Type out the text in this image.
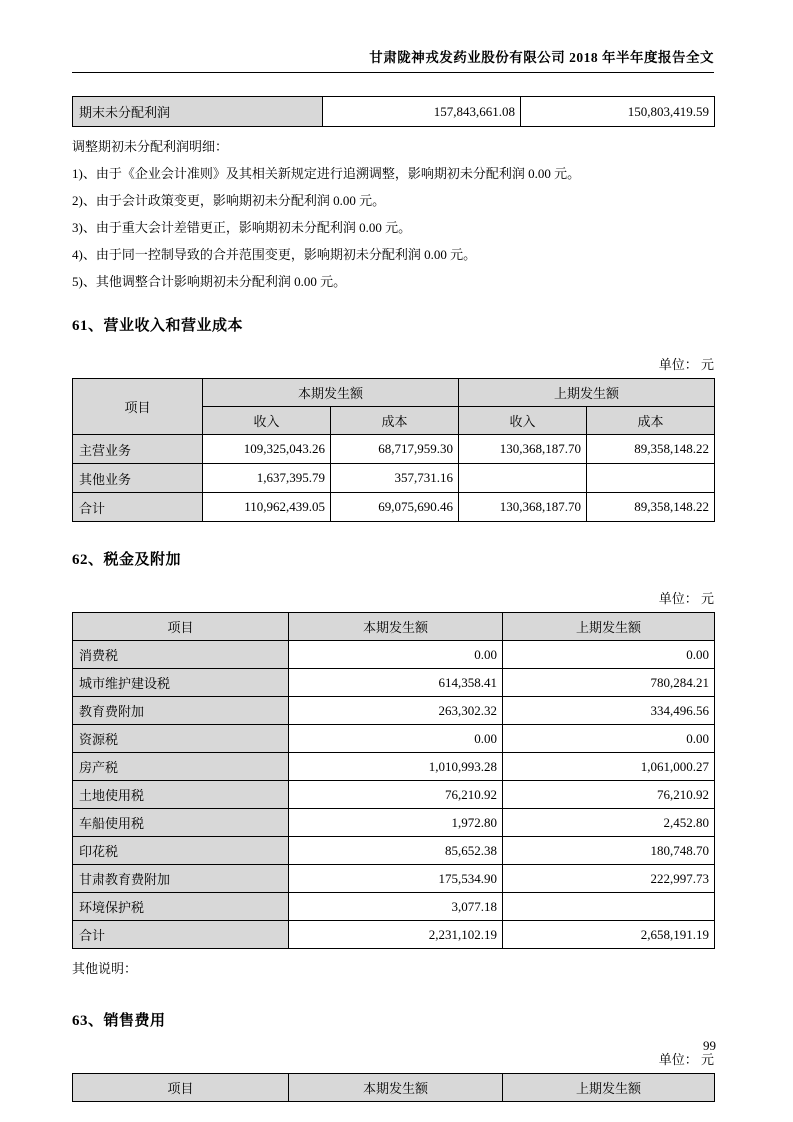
甘肃陇神戎发药业股份有限公司 2018 年半年度报告全文
期末未分配利润	157,843,661.08	150,803,419.59
调整期初未分配利润明细：
1)、由于《企业会计准则》及其相关新规定进行追溯调整，影响期初未分配利润 0.00 元。
2)、由于会计政策变更，影响期初未分配利润 0.00 元。
3)、由于重大会计差错更正，影响期初未分配利润 0.00 元。
4)、由于同一控制导致的合并范围变更，影响期初未分配利润 0.00 元。
5)、其他调整合计影响期初未分配利润 0.00 元。
61、营业收入和营业成本
单位： 元
项目	本期发生额		上期发生额	
	收入	成本	收入	成本
主营业务	109,325,043.26	68,717,959.30	130,368,187.70	89,358,148.22
其他业务	1,637,395.79	357,731.16		
合计	110,962,439.05	69,075,690.46	130,368,187.70	89,358,148.22
62、税金及附加
单位： 元
项目	本期发生额	上期发生额
消费税	0.00	0.00
城市维护建设税	614,358.41	780,284.21
教育费附加	263,302.32	334,496.56
资源税	0.00	0.00
房产税	1,010,993.28	1,061,000.27
土地使用税	76,210.92	76,210.92
车船使用税	1,972.80	2,452.80
印花税	85,652.38	180,748.70
甘肃教育费附加	175,534.90	222,997.73
环境保护税	3,077.18	
合计	2,231,102.19	2,658,191.19
其他说明：
63、销售费用
单位： 元
项目	本期发生额	上期发生额
99
